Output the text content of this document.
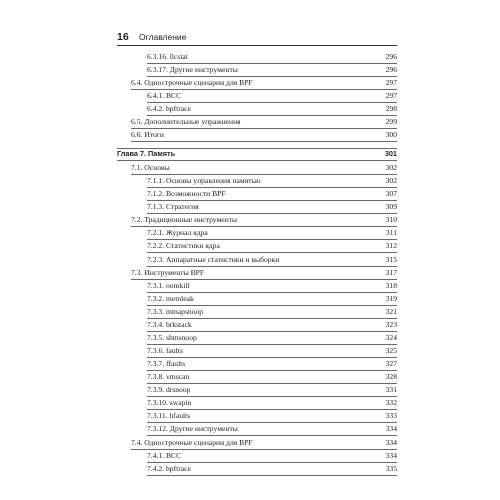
16 Оглавление
6.3.16. llcstat	296
6.3.17. Другие инструменты	296
6.4. Однострочные сценарии для BPF	297
6.4.1. BCC	297
6.4.2. bpftrace	298
6.5. Дополнительные упражнения	299
6.6. Итоги	300
Глава 7. Память	301
7.1. Основы	302
7.1.1. Основы управления памятью	302
7.1.2. Возможности BPF	307
7.1.3. Стратегия	309
7.2. Традиционные инструменты	310
7.2.1. Журнал ядра	311
7.2.2. Статистики ядра	312
7.2.3. Аппаратные статистики и выборки	315
7.3. Инструменты BPF	317
7.3.1. oomkill	318
7.3.2. memleak	319
7.3.3. mmapsnoop	321
7.3.4. brkstack	323
7.3.5. shmsnoop	324
7.3.6. faults	325
7.3.7. ffaults	327
7.3.8. vmscan	328
7.3.9. drsnoop	331
7.3.10. swapin	332
7.3.11. hfaults	333
7.3.12. Другие инструменты	334
7.4. Однострочные сценарии для BPF	334
7.4.1. BCC	334
7.4.2. bpftrace	335
